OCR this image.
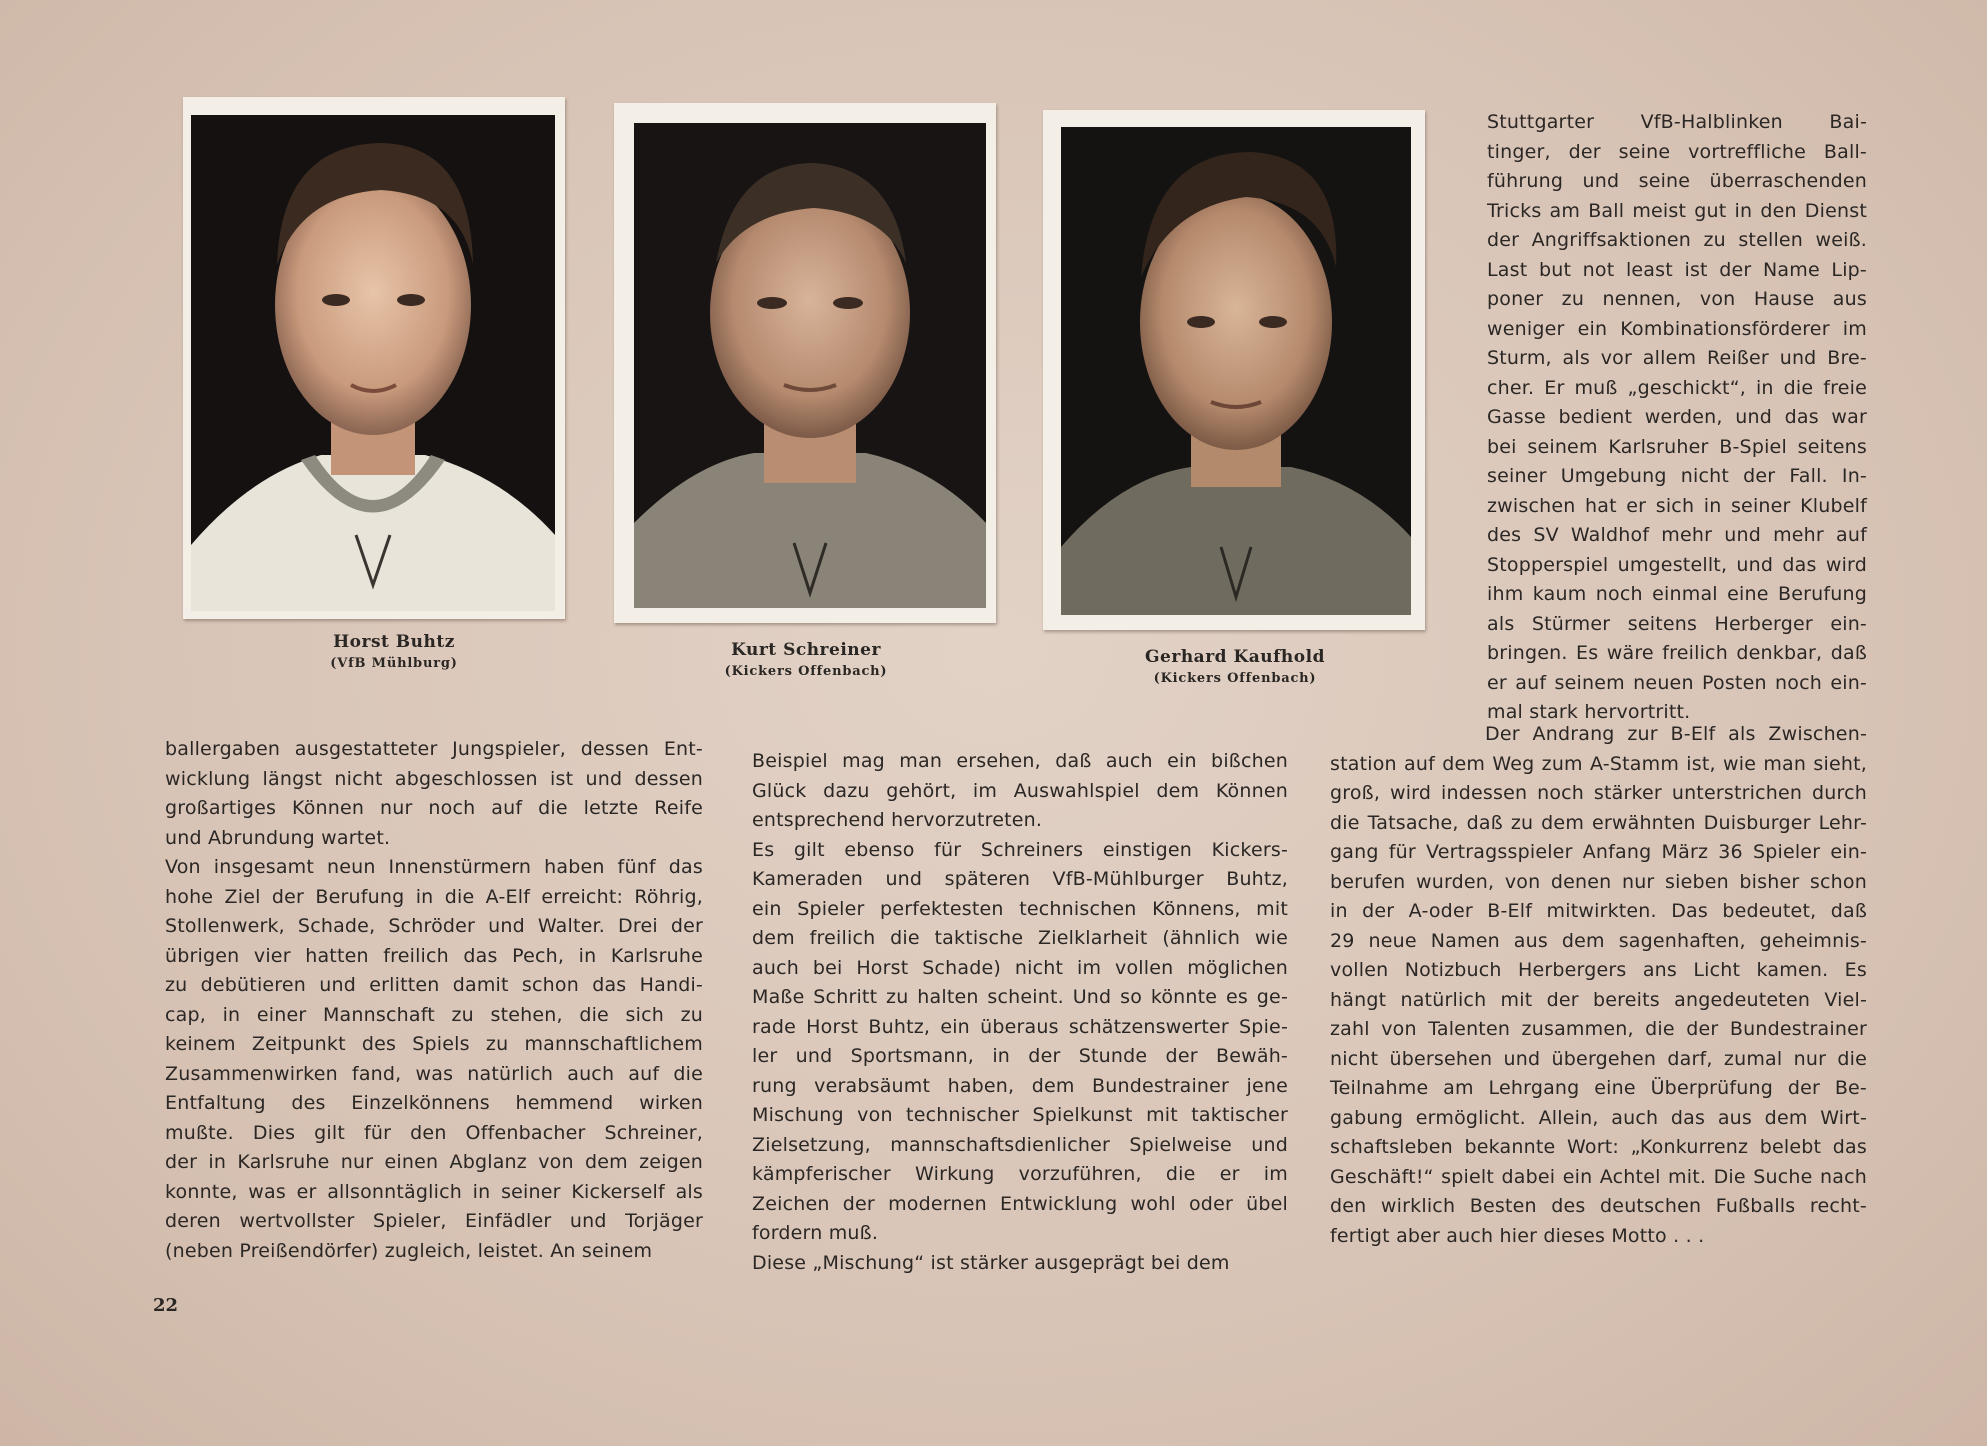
Horst Buhtz
(VfB Mühlburg)
Kurt Schreiner
(Kickers Offenbach)
Gerhard Kaufhold
(Kickers Offenbach)
Stuttgarter VfB-Halblinken Bai-
tinger, der seine vortreffliche Ball-
führung und seine überraschenden
Tricks am Ball meist gut in den Dienst
der Angriffsaktionen zu stellen weiß.
Last but not least ist der Name Lip-
poner zu nennen, von Hause aus
weniger ein Kombinationsförderer im
Sturm, als vor allem Reißer und Bre-
cher. Er muß „geschickt“, in die freie
Gasse bedient werden, und das war
bei seinem Karlsruher B-Spiel seitens
seiner Umgebung nicht der Fall. In-
zwischen hat er sich in seiner Klubelf
des SV Waldhof mehr und mehr auf
Stopperspiel umgestellt, und das wird
ihm kaum noch einmal eine Berufung
als Stürmer seitens Herberger ein-
bringen. Es wäre freilich denkbar, daß
er auf seinem neuen Posten noch ein-
mal stark hervortritt.
ballergaben ausgestatteter Jungspieler, dessen Ent-
wicklung längst nicht abgeschlossen ist und dessen
großartiges Können nur noch auf die letzte Reife
und Abrundung wartet.
Von insgesamt neun Innenstürmern haben fünf das
hohe Ziel der Berufung in die A-Elf erreicht: Röhrig,
Stollenwerk, Schade, Schröder und Walter. Drei der
übrigen vier hatten freilich das Pech, in Karlsruhe
zu debütieren und erlitten damit schon das Handi-
cap, in einer Mannschaft zu stehen, die sich zu
keinem Zeitpunkt des Spiels zu mannschaftlichem
Zusammenwirken fand, was natürlich auch auf die
Entfaltung des Einzelkönnens hemmend wirken
mußte. Dies gilt für den Offenbacher Schreiner,
der in Karlsruhe nur einen Abglanz von dem zeigen
konnte, was er allsonntäglich in seiner Kickerself als
deren wertvollster Spieler, Einfädler und Torjäger
(neben Preißendörfer) zugleich, leistet. An seinem
Beispiel mag man ersehen, daß auch ein bißchen
Glück dazu gehört, im Auswahlspiel dem Können
entsprechend hervorzutreten.
Es gilt ebenso für Schreiners einstigen Kickers-
Kameraden und späteren VfB-Mühlburger Buhtz,
ein Spieler perfektesten technischen Könnens, mit
dem freilich die taktische Zielklarheit (ähnlich wie
auch bei Horst Schade) nicht im vollen möglichen
Maße Schritt zu halten scheint. Und so könnte es ge-
rade Horst Buhtz, ein überaus schätzenswerter Spie-
ler und Sportsmann, in der Stunde der Bewäh-
rung verabsäumt haben, dem Bundestrainer jene
Mischung von technischer Spielkunst mit taktischer
Zielsetzung, mannschaftsdienlicher Spielweise und
kämpferischer Wirkung vorzuführen, die er im
Zeichen der modernen Entwicklung wohl oder übel
fordern muß.
Diese „Mischung“ ist stärker ausgeprägt bei dem
Der Andrang zur B-Elf als Zwischen-
station auf dem Weg zum A-Stamm ist, wie man sieht,
groß, wird indessen noch stärker unterstrichen durch
die Tatsache, daß zu dem erwähnten Duisburger Lehr-
gang für Vertragsspieler Anfang März 36 Spieler ein-
berufen wurden, von denen nur sieben bisher schon
in der A-oder B-Elf mitwirkten. Das bedeutet, daß
29 neue Namen aus dem sagenhaften, geheimnis-
vollen Notizbuch Herbergers ans Licht kamen. Es
hängt natürlich mit der bereits angedeuteten Viel-
zahl von Talenten zusammen, die der Bundestrainer
nicht übersehen und übergehen darf, zumal nur die
Teilnahme am Lehrgang eine Überprüfung der Be-
gabung ermöglicht. Allein, auch das aus dem Wirt-
schaftsleben bekannte Wort: „Konkurrenz belebt das
Geschäft!“ spielt dabei ein Achtel mit. Die Suche nach
den wirklich Besten des deutschen Fußballs recht-
fertigt aber auch hier dieses Motto . . .
22
